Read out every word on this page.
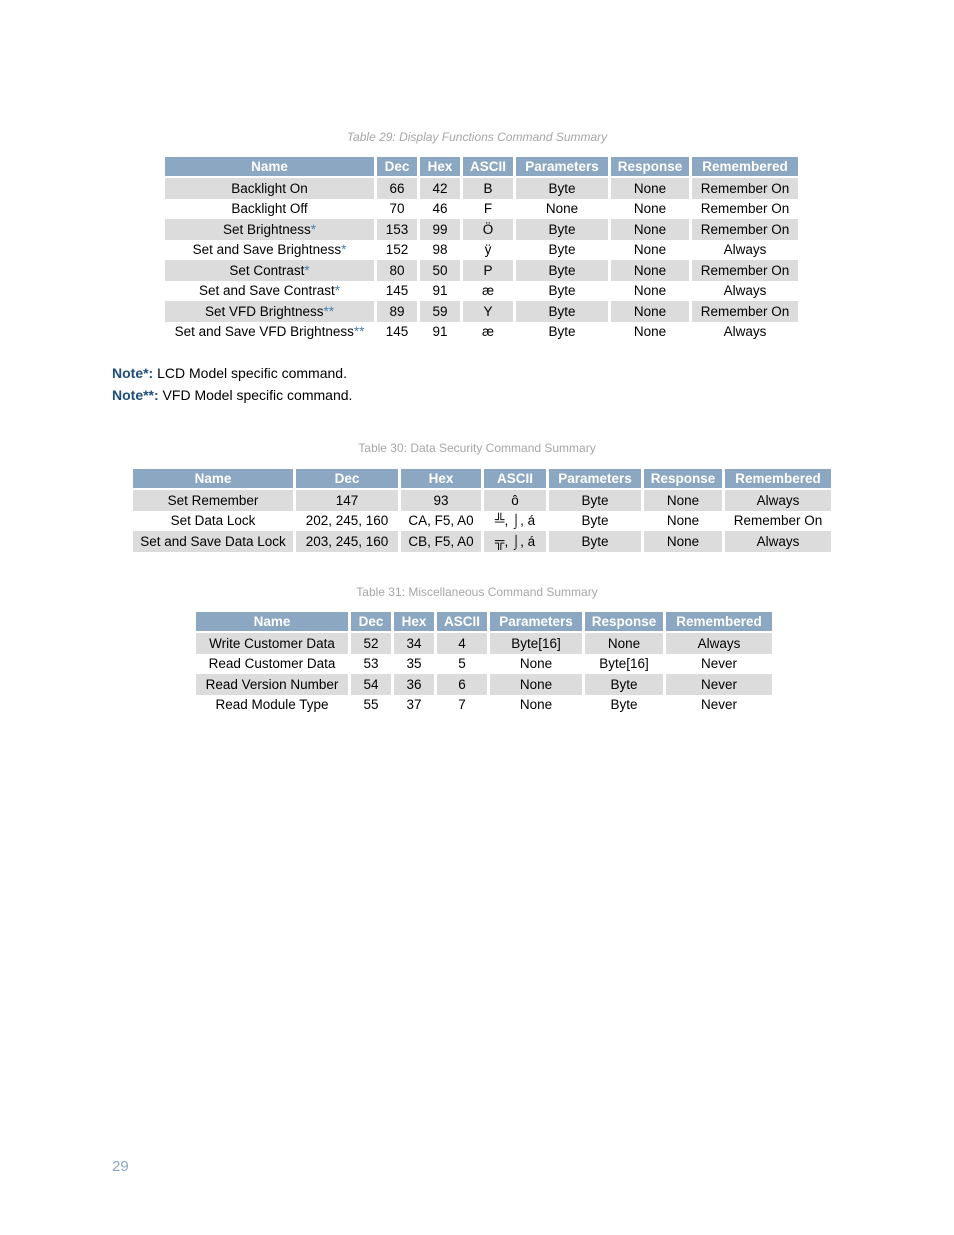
Table 29: Display Functions Command Summary
Name	Dec	Hex	ASCII	Parameters	Response	Remembered
Backlight On	66	42	B	Byte	None	Remember On
Backlight Off	70	46	F	None	None	Remember On
Set Brightness*	153	99	Ö	Byte	None	Remember On
Set and Save Brightness*	152	98	ÿ	Byte	None	Always
Set Contrast*	80	50	P	Byte	None	Remember On
Set and Save Contrast*	145	91	æ	Byte	None	Always
Set VFD Brightness**	89	59	Y	Byte	None	Remember On
Set and Save VFD Brightness**	145	91	æ	Byte	None	Always
Note*: LCD Model specific command.
Note**: VFD Model specific command.
Table 30: Data Security Command Summary
Name	Dec	Hex	ASCII	Parameters	Response	Remembered
Set Remember	147	93	ô	Byte	None	Always
Set Data Lock	202, 245, 160	CA, F5, A0	╩, ⌡, á	Byte	None	Remember On
Set and Save Data Lock	203, 245, 160	CB, F5, A0	╦, ⌡, á	Byte	None	Always
Table 31: Miscellaneous Command Summary
Name	Dec	Hex	ASCII	Parameters	Response	Remembered
Write Customer Data	52	34	4	Byte[16]	None	Always
Read Customer Data	53	35	5	None	Byte[16]	Never
Read Version Number	54	36	6	None	Byte	Never
Read Module Type	55	37	7	None	Byte	Never
29
